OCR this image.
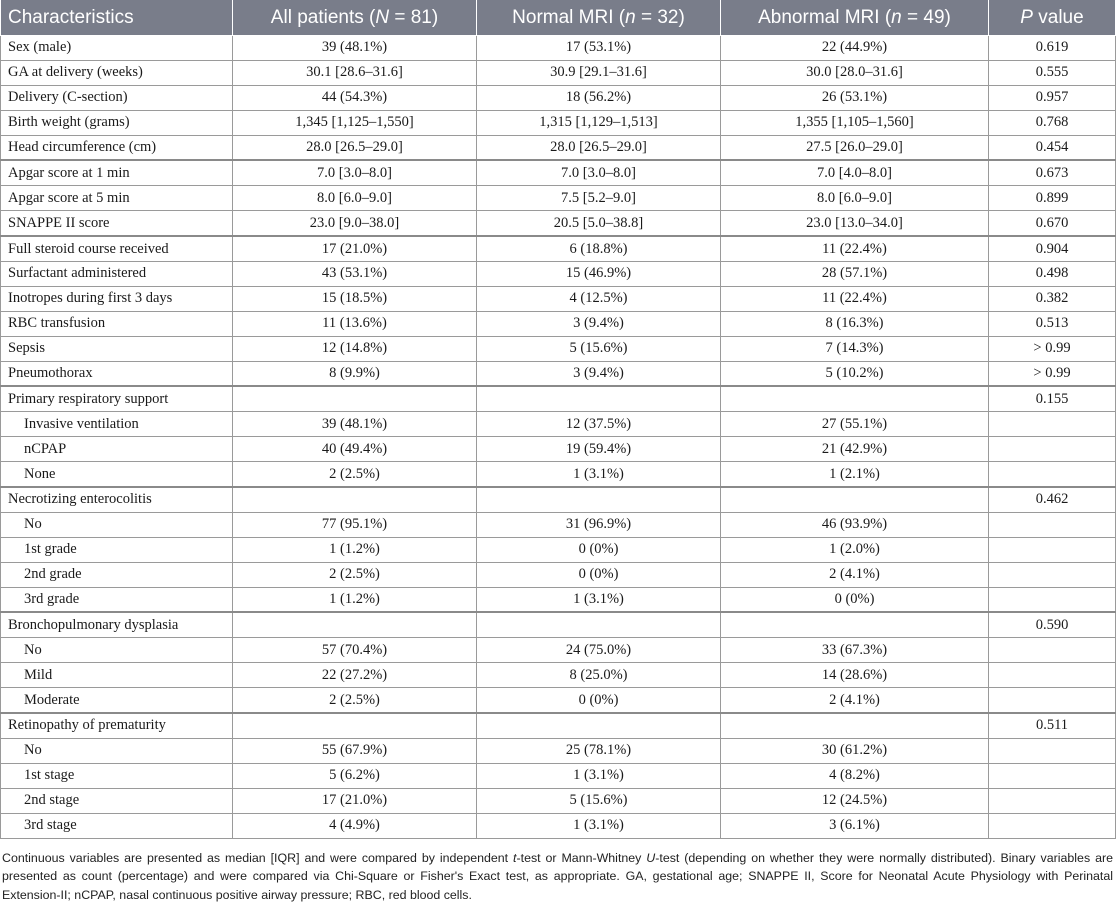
Characteristics	All patients (N = 81)	Normal MRI (n = 32)	Abnormal MRI (n = 49)	P value
Sex (male)	39 (48.1%)	17 (53.1%)	22 (44.9%)	0.619
GA at delivery (weeks)	30.1 [28.6–31.6]	30.9 [29.1–31.6]	30.0 [28.0–31.6]	0.555
Delivery (C-section)	44 (54.3%)	18 (56.2%)	26 (53.1%)	0.957
Birth weight (grams)	1,345 [1,125–1,550]	1,315 [1,129–1,513]	1,355 [1,105–1,560]	0.768
Head circumference (cm)	28.0 [26.5–29.0]	28.0 [26.5–29.0]	27.5 [26.0–29.0]	0.454
Apgar score at 1 min	7.0 [3.0–8.0]	7.0 [3.0–8.0]	7.0 [4.0–8.0]	0.673
Apgar score at 5 min	8.0 [6.0–9.0]	7.5 [5.2–9.0]	8.0 [6.0–9.0]	0.899
SNAPPE II score	23.0 [9.0–38.0]	20.5 [5.0–38.8]	23.0 [13.0–34.0]	0.670
Full steroid course received	17 (21.0%)	6 (18.8%)	11 (22.4%)	0.904
Surfactant administered	43 (53.1%)	15 (46.9%)	28 (57.1%)	0.498
Inotropes during first 3 days	15 (18.5%)	4 (12.5%)	11 (22.4%)	0.382
RBC transfusion	11 (13.6%)	3 (9.4%)	8 (16.3%)	0.513
Sepsis	12 (14.8%)	5 (15.6%)	7 (14.3%)	> 0.99
Pneumothorax	8 (9.9%)	3 (9.4%)	5 (10.2%)	> 0.99
Primary respiratory support				0.155
Invasive ventilation	39 (48.1%)	12 (37.5%)	27 (55.1%)	
nCPAP	40 (49.4%)	19 (59.4%)	21 (42.9%)	
None	2 (2.5%)	1 (3.1%)	1 (2.1%)	
Necrotizing enterocolitis				0.462
No	77 (95.1%)	31 (96.9%)	46 (93.9%)	
1st grade	1 (1.2%)	0 (0%)	1 (2.0%)	
2nd grade	2 (2.5%)	0 (0%)	2 (4.1%)	
3rd grade	1 (1.2%)	1 (3.1%)	0 (0%)	
Bronchopulmonary dysplasia				0.590
No	57 (70.4%)	24 (75.0%)	33 (67.3%)	
Mild	22 (27.2%)	8 (25.0%)	14 (28.6%)	
Moderate	2 (2.5%)	0 (0%)	2 (4.1%)	
Retinopathy of prematurity				0.511
No	55 (67.9%)	25 (78.1%)	30 (61.2%)	
1st stage	5 (6.2%)	1 (3.1%)	4 (8.2%)	
2nd stage	17 (21.0%)	5 (15.6%)	12 (24.5%)	
3rd stage	4 (4.9%)	1 (3.1%)	3 (6.1%)	
Continuous variables are presented as median [IQR] and were compared by independent t-test or Mann-Whitney U-test (depending on whether they were normally distributed). Binary variables are presented as count (percentage) and were compared via Chi-Square or Fisher's Exact test, as appropriate. GA, gestational age; SNAPPE II, Score for Neonatal Acute Physiology with Perinatal Extension-II; nCPAP, nasal continuous positive airway pressure; RBC, red blood cells.
